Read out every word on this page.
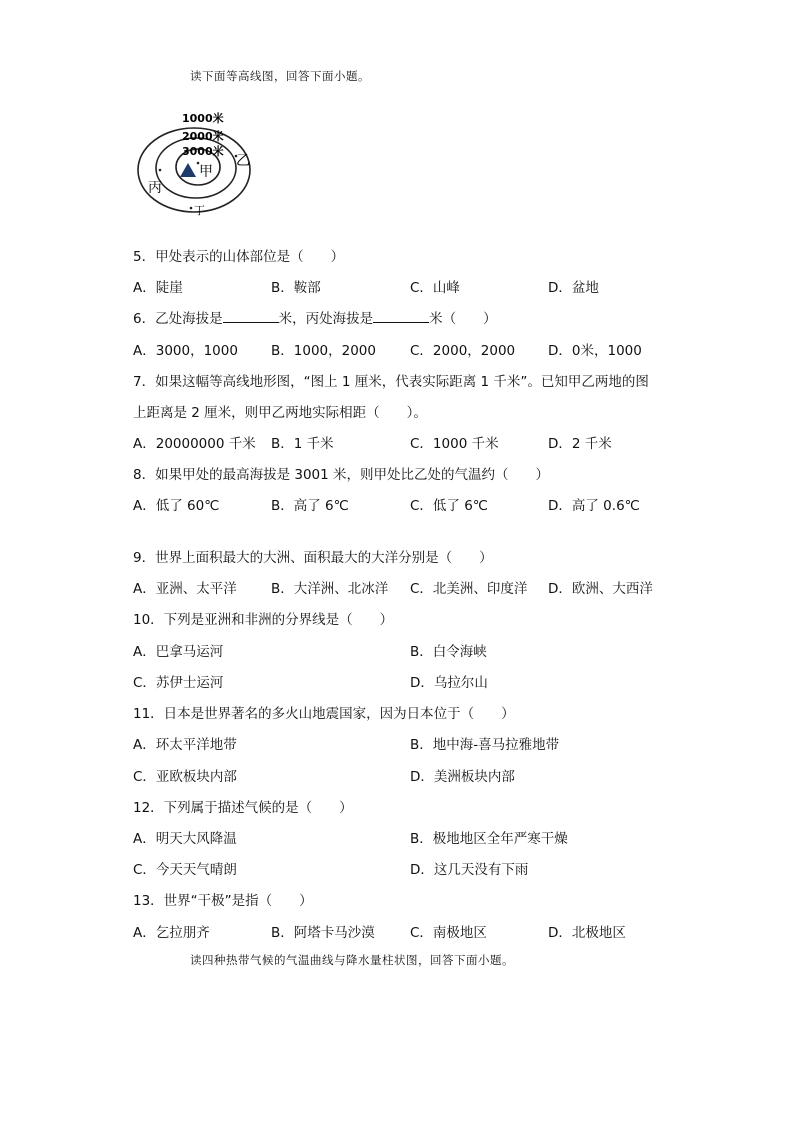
读下面等高线图，回答下面小题。
1000米
2000米
3000米
甲
乙
丙
丁
5．甲处表示的山体部位是（　　）
A．陡崖	B．鞍部	C．山峰	D．盆地
6．乙处海拔是	米，丙处海拔是	米（　　）
A．3000，1000 B．1000，2000	C．2000，2000 D．0米，1000
7．如果这幅等高线地形图，“图上 1 厘米，代表实际距离 1 千米”。已知甲乙两地的图
上距离是 2 厘米，则甲乙两地实际相距（　　）。
A．20000000 千米 B．1 千米	C．1000 千米	D．2 千米
8．如果甲处的最高海拔是 3001 米，则甲处比乙处的气温约（　　）
A．低了 60℃	B．高了 6℃	C．低了 6℃	D．高了 0.6℃
9．世界上面积最大的大洲、面积最大的大洋分别是（　　）
A．亚洲、太平洋	B．大洋洲、北冰洋 C．北美洲、印度洋 D．欧洲、大西洋
10．下列是亚洲和非洲的分界线是（　　）
A．巴拿马运河	B．白令海峡
C．苏伊士运河	D．乌拉尔山
11．日本是世界著名的多火山地震国家，因为日本位于（　　）
A．环太平洋地带	B．地中海-喜马拉雅地带
C．亚欧板块内部	D．美洲板块内部
12．下列属于描述气候的是（　　）
A．明天大风降温	B．极地地区全年严寒干燥
C．今天天气晴朗	D．这几天没有下雨
13．世界“干极”是指（　　）
A．乞拉朋齐	B．阿塔卡马沙漠	C．南极地区	D．北极地区
读四种热带气候的气温曲线与降水量柱状图，回答下面小题。
